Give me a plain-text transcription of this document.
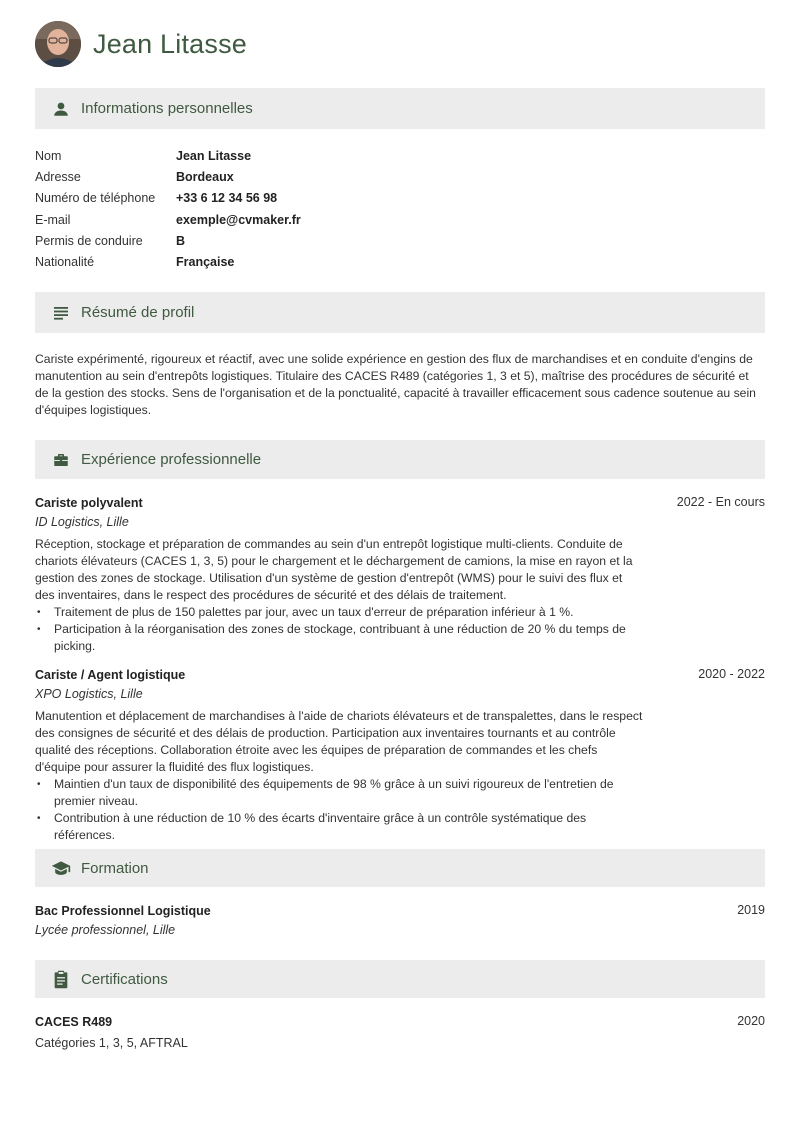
Jean Litasse
Informations personnelles
Nom	Jean Litasse
Adresse	Bordeaux
Numéro de téléphone	+33 6 12 34 56 98
E-mail	exemple@cvmaker.fr
Permis de conduire	B
Nationalité	Française
Résumé de profil
Cariste expérimenté, rigoureux et réactif, avec une solide expérience en gestion des flux de marchandises et en conduite d'engins de manutention au sein d'entrepôts logistiques. Titulaire des CACES R489 (catégories 1, 3 et 5), maîtrise des procédures de sécurité et de la gestion des stocks. Sens de l'organisation et de la ponctualité, capacité à travailler efficacement sous cadence soutenue au sein d'équipes logistiques.
Expérience professionnelle
Cariste polyvalent	2022 - En cours
ID Logistics, Lille
Réception, stockage et préparation de commandes au sein d'un entrepôt logistique multi-clients. Conduite de chariots élévateurs (CACES 1, 3, 5) pour le chargement et le déchargement de camions, la mise en rayon et la gestion des zones de stockage. Utilisation d'un système de gestion d'entrepôt (WMS) pour le suivi des flux et des inventaires, dans le respect des procédures de sécurité et des délais de traitement.
• Traitement de plus de 150 palettes par jour, avec un taux d'erreur de préparation inférieur à 1 %.
• Participation à la réorganisation des zones de stockage, contribuant à une réduction de 20 % du temps de picking.
Cariste / Agent logistique	2020 - 2022
XPO Logistics, Lille
Manutention et déplacement de marchandises à l'aide de chariots élévateurs et de transpalettes, dans le respect des consignes de sécurité et des délais de production. Participation aux inventaires tournants et au contrôle qualité des réceptions. Collaboration étroite avec les équipes de préparation de commandes et les chefs d'équipe pour assurer la fluidité des flux logistiques.
• Maintien d'un taux de disponibilité des équipements de 98 % grâce à un suivi rigoureux de l'entretien de premier niveau.
• Contribution à une réduction de 10 % des écarts d'inventaire grâce à un contrôle systématique des références.
Formation
Bac Professionnel Logistique	2019
Lycée professionnel, Lille
Certifications
CACES R489	2020
Catégories 1, 3, 5, AFTRAL
